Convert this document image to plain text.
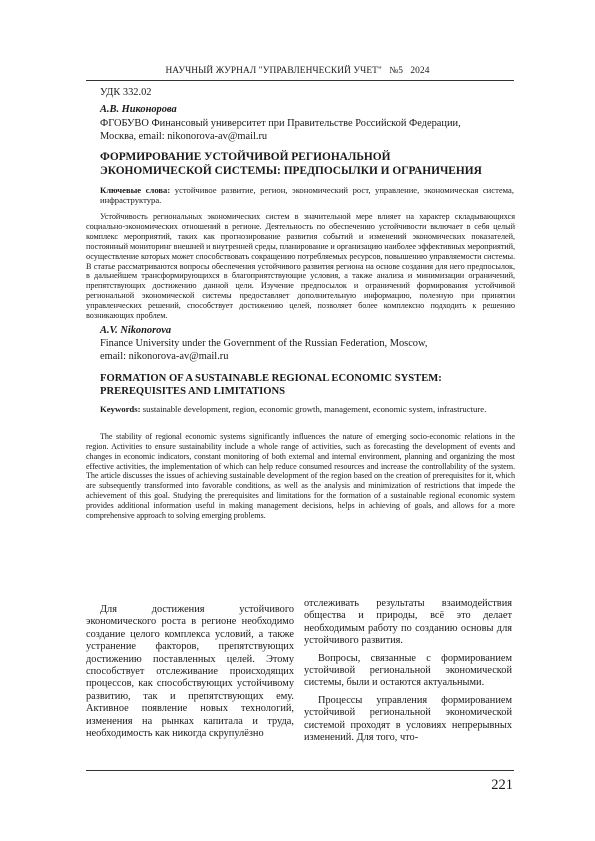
НАУЧНЫЙ ЖУРНАЛ "УПРАВЛЕНЧЕСКИЙ УЧЕТ"   №5   2024
УДК 332.02
А.В. Никонорова
ФГОБУВО Финансовый университет при Правительстве Российской Федерации,
Москва, email: nikonorova-av@mail.ru
ФОРМИРОВАНИЕ УСТОЙЧИВОЙ РЕГИОНАЛЬНОЙ
ЭКОНОМИЧЕСКОЙ СИСТЕМЫ: ПРЕДПОСЫЛКИ И ОГРАНИЧЕНИЯ
Ключевые слова: устойчивое развитие, регион, экономический рост, управление, экономическая система, инфраструктура.
Устойчивость региональных экономических систем в значительной мере влияет на характер складывающихся социально-экономических отношений в регионе. Деятельность по обеспечению устойчивости включает в себя целый комплекс мероприятий, таких как прогнозирование развития событий и изменений экономических показателей, постоянный мониторинг внешней и внутренней среды, планирование и организацию наиболее эффективных мероприятий, осуществление которых может способствовать сокращению потребляемых ресурсов, повышению управляемости системы. В статье рассматриваются вопросы обеспечения устойчивого развития региона на основе создания для него предпосылок, в дальнейшем трансформирующихся в благоприятствующие условия, а также анализа и минимизации ограничений, препятствующих достижению данной цели. Изучение предпосылок и ограничений формирования устойчивой региональной экономической системы предоставляет дополнительную информацию, полезную при принятии управленческих решений, способствует достижению целей, позволяет более комплексно подходить к решению возникающих проблем.
A.V. Nikonorova
Finance University under the Government of the Russian Federation, Moscow,
email: nikonorova-av@mail.ru
FORMATION OF A SUSTAINABLE REGIONAL ECONOMIC SYSTEM:
PREREQUISITES AND LIMITATIONS
Keywords: sustainable development, region, economic growth, management, economic system, infrastructure.
The stability of regional economic systems significantly influences the nature of emerging socio-economic relations in the region. Activities to ensure sustainability include a whole range of activities, such as forecasting the development of events and changes in economic indicators, constant monitoring of both external and internal environment, planning and organizing the most effective activities, the implementation of which can help reduce consumed resources and increase the controllability of the system. The article discusses the issues of achieving sustainable development of the region based on the creation of prerequisites for it, which are subsequently transformed into favorable conditions, as well as the analysis and minimization of restrictions that impede the achievement of this goal. Studying the prerequisites and limitations for the formation of a sustainable regional economic system provides additional information useful in making management decisions, helps in achieving of goals, and allows for a more comprehensive approach to solving emerging problems.

Для достижения устойчивого экономического роста в регионе необходимо создание целого комплекса условий, а также устранение факторов, препятствующих достижению поставленных целей. Этому способствует отслеживание происходящих процессов, как способствующих устойчивому развитию, так и препятствующих ему. Активное появление новых технологий, изменения на рынках капитала и труда, необходимость как никогда скрупулёзно

отслеживать результаты взаимодействия общества и природы, всё это делает необходимым работу по созданию основы для устойчивого развития.

Вопросы, связанные с формированием устойчивой региональной экономической системы, были и остаются актуальными.

Процессы управления формированием устойчивой региональной экономической системой проходят в условиях непрерывных изменений. Для того, что-

221
